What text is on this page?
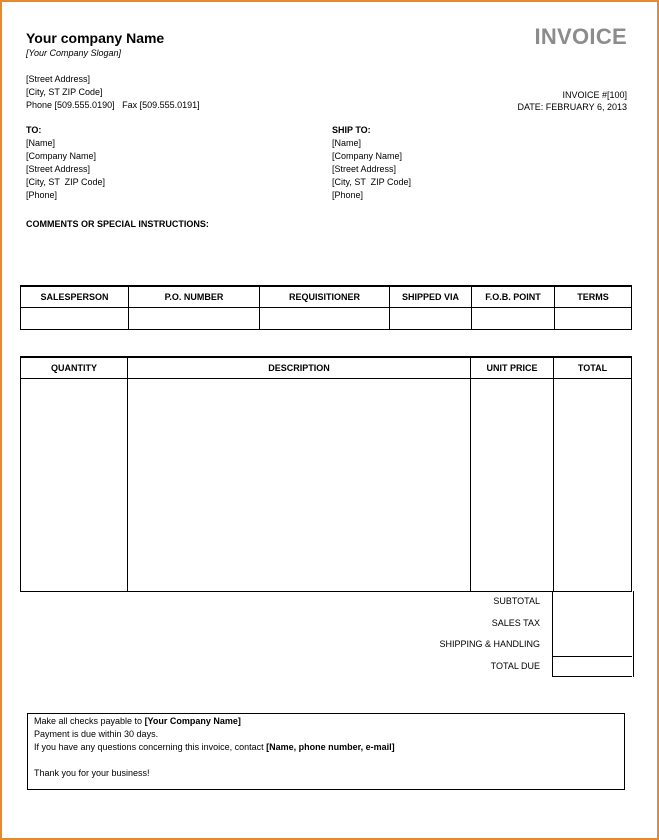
Your company Name
[Your Company Slogan]
INVOICE
[Street Address]
[City, ST ZIP Code]
Phone [509.555.0190]   Fax [509.555.0191]
INVOICE #[100]
DATE: FEBRUARY 6, 2013
TO:
[Name]
[Company Name]
[Street Address]
[City, ST  ZIP Code]
[Phone]
SHIP TO:
[Name]
[Company Name]
[Street Address]
[City, ST  ZIP Code]
[Phone]
COMMENTS OR SPECIAL INSTRUCTIONS:
SALESPERSON	P.O. NUMBER	REQUISITIONER	SHIPPED VIA	F.O.B. POINT	TERMS

QUANTITY	DESCRIPTION	UNIT PRICE	TOTAL

SUBTOTAL
SALES TAX
SHIPPING & HANDLING
TOTAL DUE
Make all checks payable to [Your Company Name]
Payment is due within 30 days.
If you have any questions concerning this invoice, contact [Name, phone number, e-mail]
Thank you for your business!
